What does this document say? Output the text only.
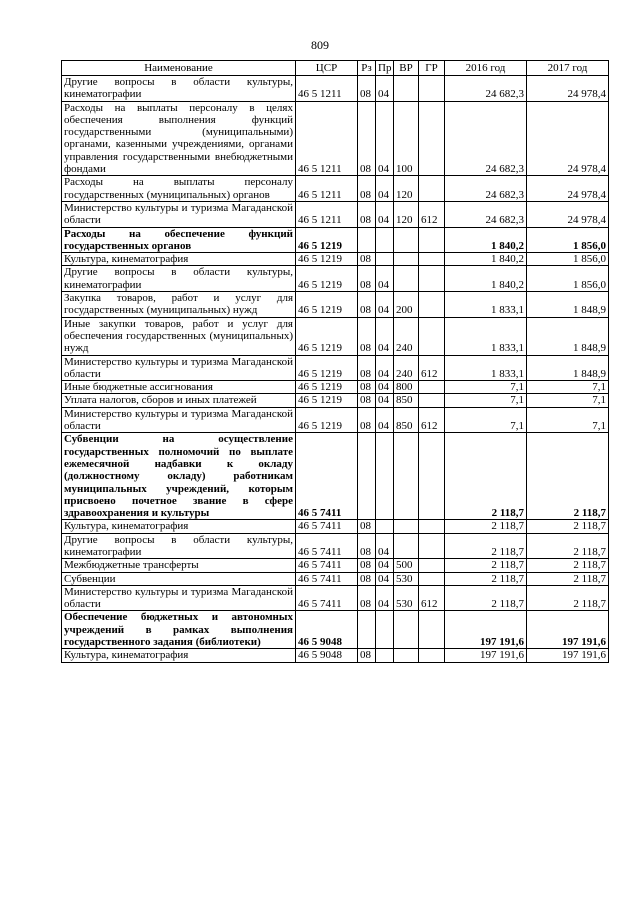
809
Наименование	ЦСР	Рз	Пр	ВР	ГР	2016 год	2017 год
Другие вопросы в области культуры, кинематографии	46 5 1211	08	04			24 682,3	24 978,4
Расходы на выплаты персоналу в целях обеспечения выполнения функций государственными (муниципальными) органами, казенными учреждениями, органами управления государственными внебюджетными фондами	46 5 1211	08	04	100		24 682,3	24 978,4
Расходы на выплаты персоналу государственных (муниципальных) органов	46 5 1211	08	04	120		24 682,3	24 978,4
Министерство культуры и туризма Магаданской области	46 5 1211	08	04	120	612	24 682,3	24 978,4
Расходы на обеспечение функций государственных органов	46 5 1219					1 840,2	1 856,0
Культура, кинематография	46 5 1219	08				1 840,2	1 856,0
Другие вопросы в области культуры, кинематографии	46 5 1219	08	04			1 840,2	1 856,0
Закупка товаров, работ и услуг для государственных (муниципальных) нужд	46 5 1219	08	04	200		1 833,1	1 848,9
Иные закупки товаров, работ и услуг для обеспечения государственных (муниципальных) нужд	46 5 1219	08	04	240		1 833,1	1 848,9
Министерство культуры и туризма Магаданской области	46 5 1219	08	04	240	612	1 833,1	1 848,9
Иные бюджетные ассигнования	46 5 1219	08	04	800		7,1	7,1
Уплата налогов, сборов и иных платежей	46 5 1219	08	04	850		7,1	7,1
Министерство культуры и туризма Магаданской области	46 5 1219	08	04	850	612	7,1	7,1
Субвенции на осуществление государственных полномочий по выплате ежемесячной надбавки к окладу (должностному окладу) работникам муниципальных учреждений, которым присвоено почетное звание в сфере здравоохранения и культуры	46 5 7411					2 118,7	2 118,7
Культура, кинематография	46 5 7411	08				2 118,7	2 118,7
Другие вопросы в области культуры, кинематографии	46 5 7411	08	04			2 118,7	2 118,7
Межбюджетные трансферты	46 5 7411	08	04	500		2 118,7	2 118,7
Субвенции	46 5 7411	08	04	530		2 118,7	2 118,7
Министерство культуры и туризма Магаданской области	46 5 7411	08	04	530	612	2 118,7	2 118,7
Обеспечение бюджетных и автономных учреждений в рамках выполнения государственного задания (библиотеки)	46 5 9048					197 191,6	197 191,6
Культура, кинематография	46 5 9048	08				197 191,6	197 191,6
